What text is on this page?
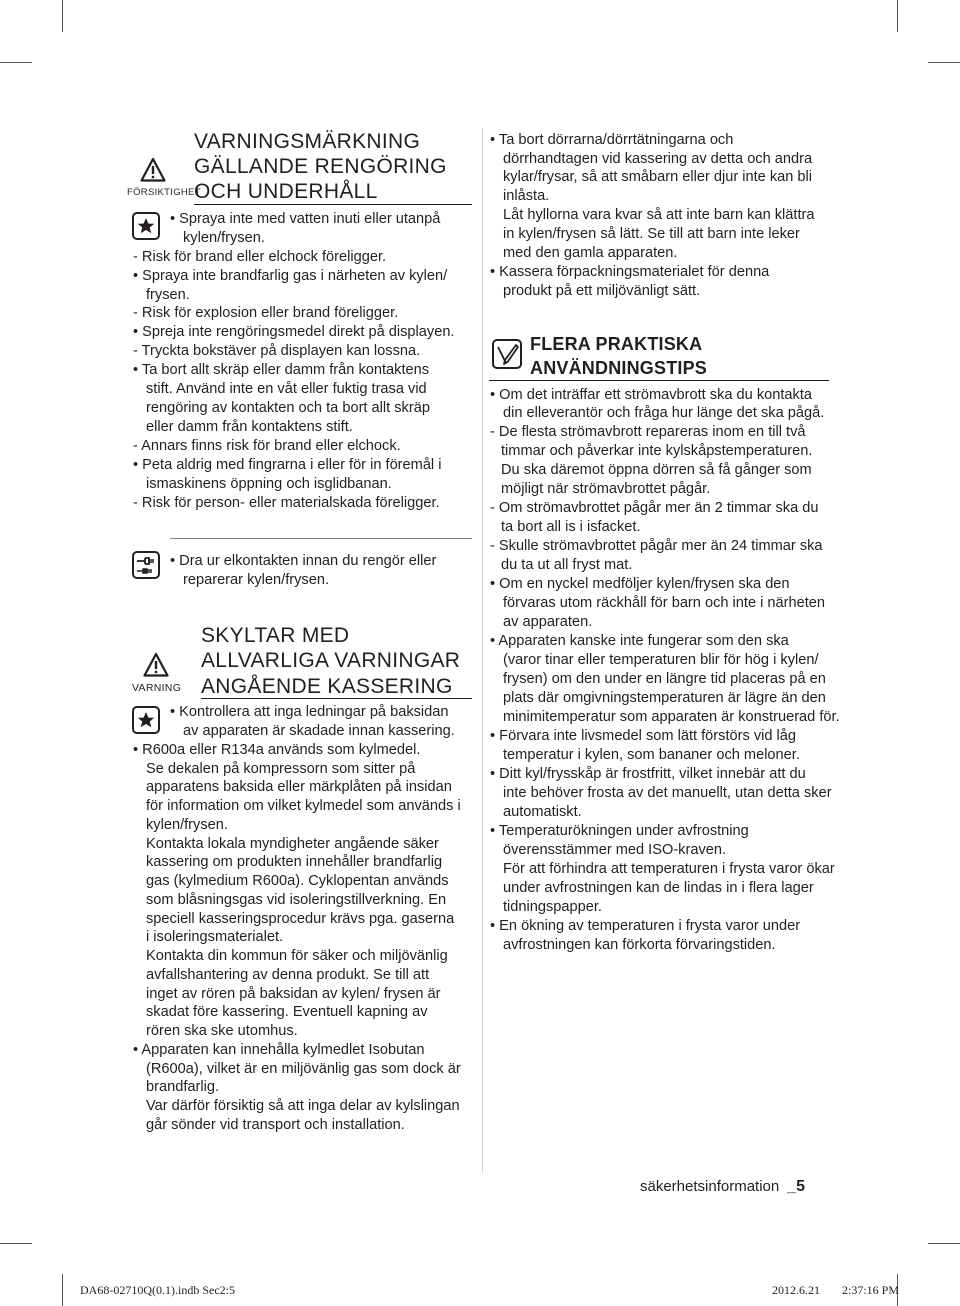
FÖRSIKTIGHET
VARNINGSMÄRKNING
GÄLLANDE RENGÖRING
OCH UNDERHÅLL
• Spraya inte med vatten inuti eller utanpå
kylen/frysen.
- Risk för brand eller elchock föreligger.
• Spraya inte brandfarlig gas i närheten av kylen/
frysen.
- Risk för explosion eller brand föreligger.
• Spreja inte rengöringsmedel direkt på displayen.
- Tryckta bokstäver på displayen kan lossna.
• Ta bort allt skräp eller damm från kontaktens
stift. Använd inte en våt eller fuktig trasa vid
rengöring av kontakten och ta bort allt skräp
eller damm från kontaktens stift.
- Annars finns risk för brand eller elchock.
• Peta aldrig med fingrarna i eller för in föremål i
ismaskinens öppning och isglidbanan.
- Risk för person- eller materialskada föreligger.
• Dra ur elkontakten innan du rengör eller
reparerar kylen/frysen.
VARNING
SKYLTAR MED
ALLVARLIGA VARNINGAR
ANGÅENDE KASSERING
• Kontrollera att inga ledningar på baksidan
av apparaten är skadade innan kassering.
• R600a eller R134a används som kylmedel.
Se dekalen på kompressorn som sitter på
apparatens baksida eller märkplåten på insidan
för information om vilket kylmedel som används i
kylen/frysen.
Kontakta lokala myndigheter angående säker
kassering om produkten innehåller brandfarlig
gas (kylmedium R600a). Cyklopentan används
som blåsningsgas vid isoleringstillverkning. En
speciell kasseringsprocedur krävs pga. gaserna
i isoleringsmaterialet.
Kontakta din kommun för säker och miljövänlig
avfallshantering av denna produkt. Se till att
inget av rören på baksidan av kylen/ frysen är
skadat före kassering. Eventuell kapning av
rören ska ske utomhus.
• Apparaten kan innehålla kylmedlet Isobutan
(R600a), vilket är en miljövänlig gas som dock är
brandfarlig.
Var därför försiktig så att inga delar av kylslingan
går sönder vid transport och installation.
• Ta bort dörrarna/dörrtätningarna och
dörrhandtagen vid kassering av detta och andra
kylar/frysar, så att småbarn eller djur inte kan bli
inlåsta.
Låt hyllorna vara kvar så att inte barn kan klättra
in kylen/frysen så lätt. Se till att barn inte leker
med den gamla apparaten.
• Kassera förpackningsmaterialet för denna
produkt på ett miljövänligt sätt.
FLERA PRAKTISKA
ANVÄNDNINGSTIPS
• Om det inträffar ett strömavbrott ska du kontakta
din elleverantör och fråga hur länge det ska pågå.
- De flesta strömavbrott repareras inom en till två
timmar och påverkar inte kylskåpstemperaturen.
Du ska däremot öppna dörren så få gånger som
möjligt när strömavbrottet pågår.
- Om strömavbrottet pågår mer än 2 timmar ska du
ta bort all is i isfacket.
- Skulle strömavbrottet pågår mer än 24 timmar ska
du ta ut all fryst mat.
• Om en nyckel medföljer kylen/frysen ska den
förvaras utom räckhåll för barn och inte i närheten
av apparaten.
• Apparaten kanske inte fungerar som den ska
(varor tinar eller temperaturen blir för hög i kylen/
frysen) om den under en längre tid placeras på en
plats där omgivningstemperaturen är lägre än den
minimitemperatur som apparaten är konstruerad för.
• Förvara inte livsmedel som lätt förstörs vid låg
temperatur i kylen, som bananer och meloner.
• Ditt kyl/frysskåp är frostfritt, vilket innebär att du
inte behöver frosta av det manuellt, utan detta sker
automatiskt.
• Temperaturökningen under avfrostning
överensstämmer med ISO-kraven.
För att förhindra att temperaturen i frysta varor ökar
under avfrostningen kan de lindas in i flera lager
tidningspapper.
• En ökning av temperaturen i frysta varor under
avfrostningen kan förkorta förvaringstiden.
säkerhetsinformation _5
DA68-02710Q(0.1).indb Sec2:5	2012.6.21 2:37:16 PM
